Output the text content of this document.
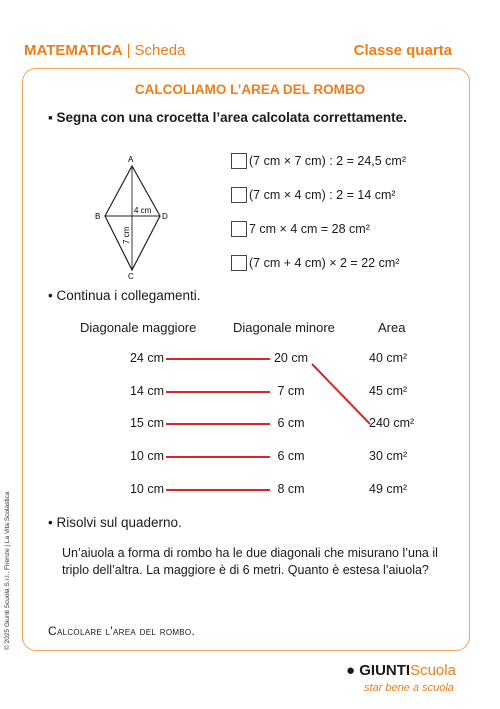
MATEMATICA | Scheda	Classe quarta
CALCOLIAMO L’AREA DEL ROMBO
▪ Segna con una crocetta l’area calcolata correttamente.
A
B
C
D
4 cm
7 cm
(7 cm × 7 cm) : 2 = 24,5 cm²
(7 cm × 4 cm) : 2 = 14 cm²
7 cm × 4 cm = 28 cm²
(7 cm + 4 cm) × 2 = 22 cm²
• Continua i collegamenti.
Diagonale maggiore	Diagonale minore	Area
24 cm	20 cm	40 cm²
14 cm	7 cm	45 cm²
15 cm	6 cm	240 cm²
10 cm	6 cm	30 cm²
10 cm	8 cm	49 cm²
• Risolvi sul quaderno.
Un’aiuola a forma di rombo ha le due diagonali che misurano l’una il triplo dell’altra. La maggiore è di 6 metri. Quanto è estesa l’aiuola?
Calcolare l'area del rombo.
© 2025 Giunti Scuola S.r.l., Firenze | La Vita Scolastica
● GIUNTIScuola
star bene a scuola
